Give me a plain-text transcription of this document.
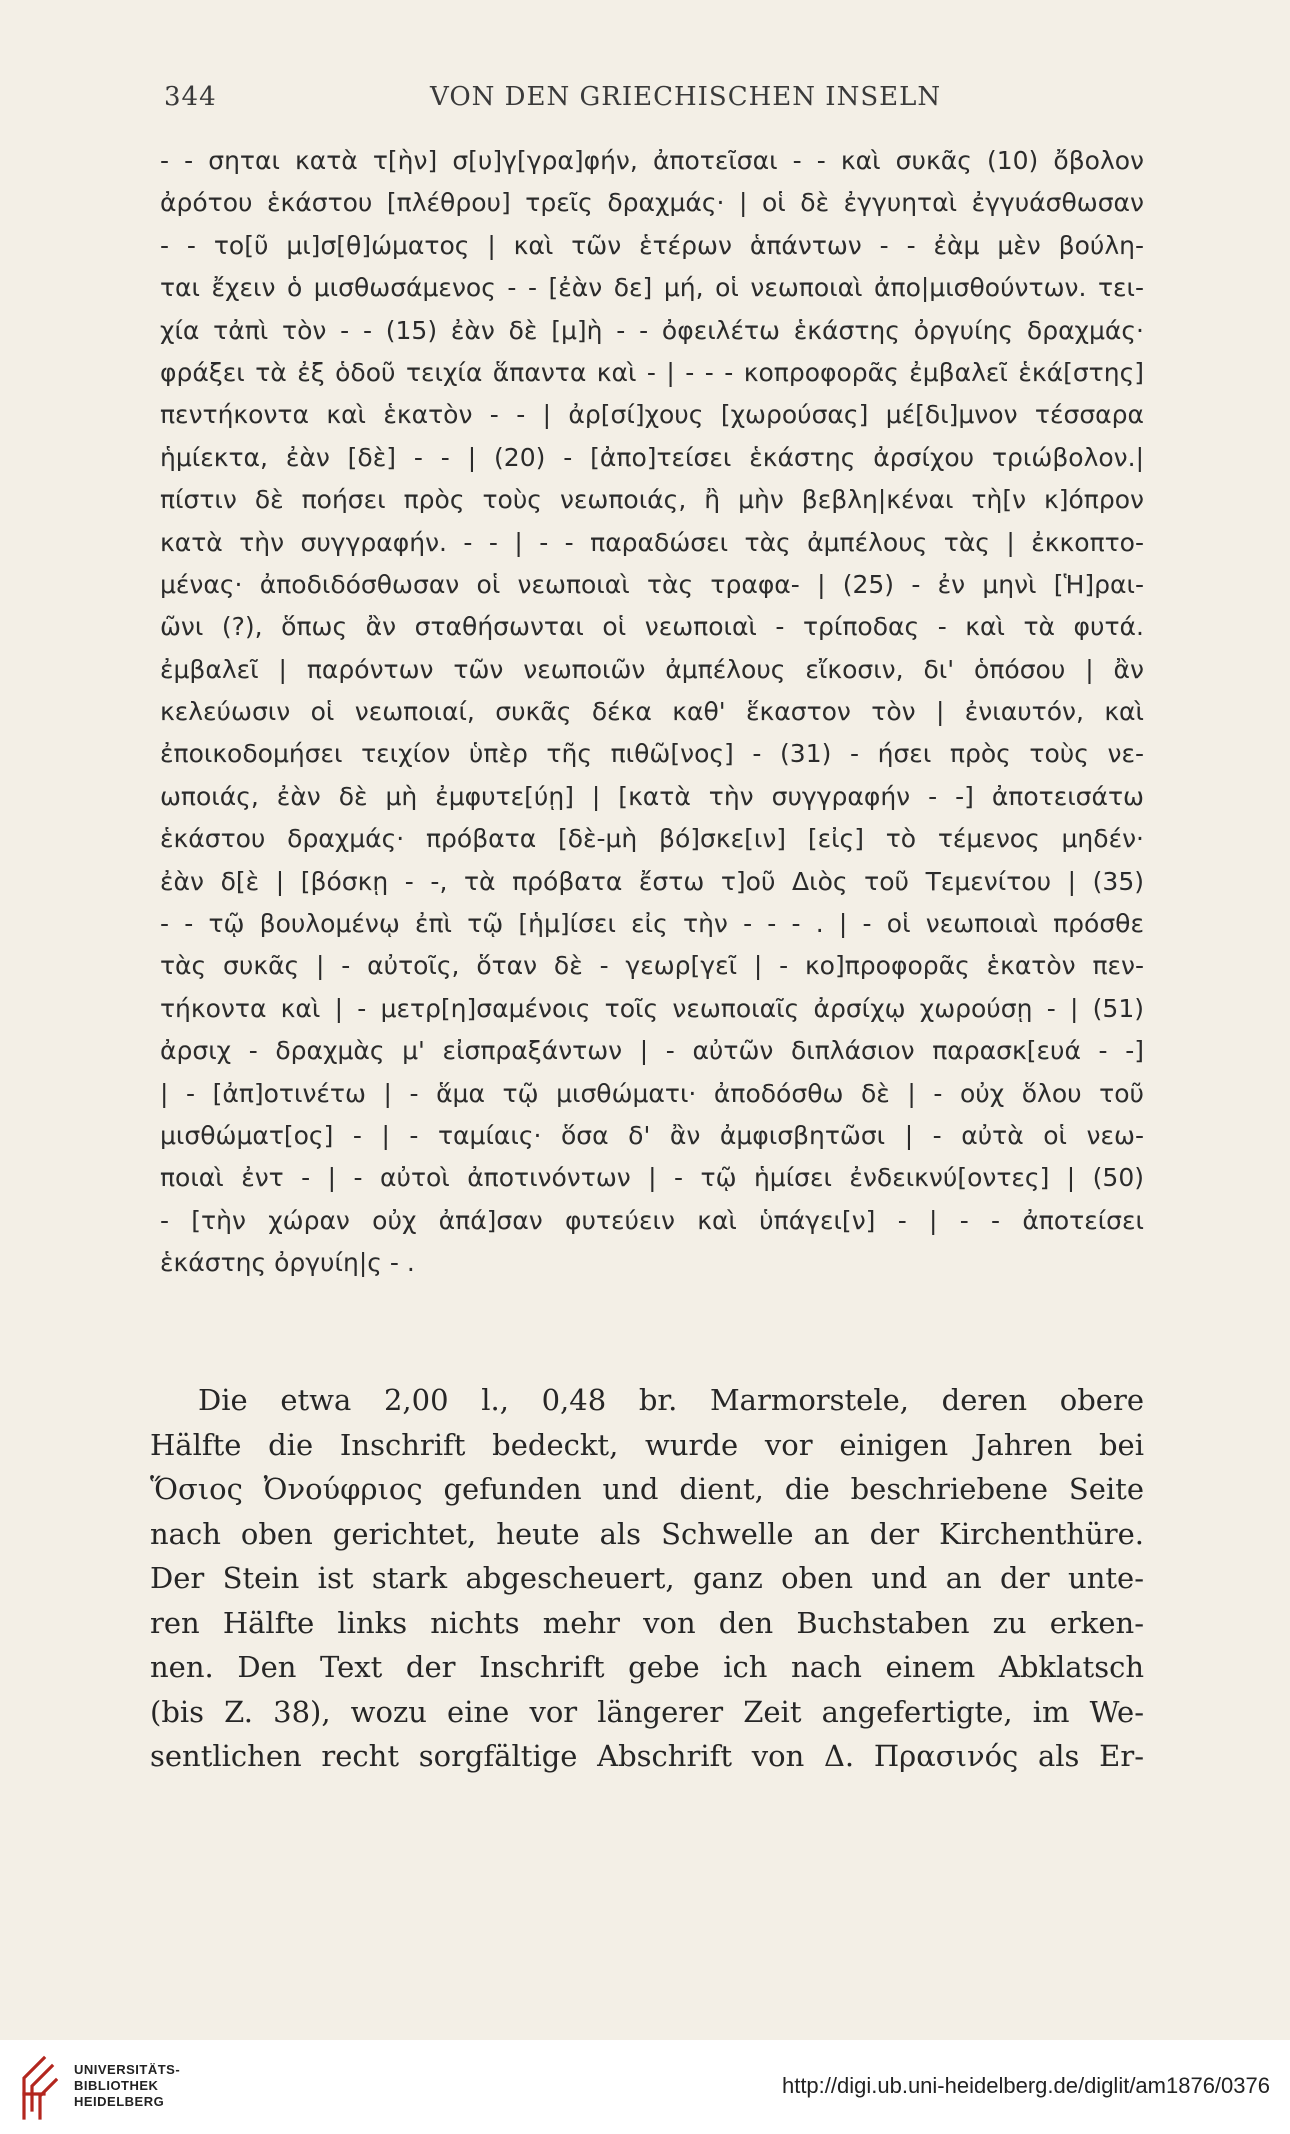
344	VON DEN GRIECHISCHEN INSELN
- - σηται κατὰ τ[ὴν] σ[υ]γ[γρα]φήν, ἀποτεῖσαι - - καὶ συκᾶς (10) ὄβολον
ἀρότου ἑκάστου [πλέθρου] τρεῖς δραχμάς· | οἱ δὲ ἐγγυηταὶ ἐγγυάσθωσαν
- - το[ῦ μι]σ[θ]ώματος | καὶ τῶν ἑτέρων ἁπάντων - - ἐὰμ μὲν βούλη-
ται ἔχειν ὁ μισθωσάμενος - - [ἐὰν δε] μή, οἱ νεωποιαὶ ἀπο|μισθούντων. τει-
χία τἀπὶ τὸν - - (15) ἐὰν δὲ [μ]ὴ - - ὀφειλέτω ἑκάστης ὀργυίης δραχμάς·
φράξει τὰ ἐξ ὁδοῦ τειχία ἅπαντα καὶ - | - - - κοπροφορᾶς ἐμβαλεῖ ἑκά[στης]
πεντήκοντα καὶ ἑκατὸν - - | ἀρ[σί]χους [χωρούσας] μέ[δι]μνον τέσσαρα
ἡμίεκτα, ἐὰν [δὲ] - - | (20) - [ἀπο]τείσει ἑκάστης ἀρσίχου τριώβολον.|
πίστιν δὲ ποήσει πρὸς τοὺς νεωποιάς, ἢ μὴν βεβλη|κέναι τὴ[ν κ]όπρον
κατὰ τὴν συγγραφήν. - - | - - παραδώσει τὰς ἀμπέλους τὰς | ἐκκοπτο-
μένας· ἀποδιδόσθωσαν οἱ νεωποιαὶ τὰς τραφα- | (25) - ἐν μηνὶ [Ἡ]ραι-
ῶνι (?), ὅπως ἂν σταθήσωνται οἱ νεωποιαὶ - τρίποδας - καὶ τὰ φυτά.
ἐμβαλεῖ | παρόντων τῶν νεωποιῶν ἀμπέλους εἴκοσιν, δι' ὁπόσου | ἂν
κελεύωσιν οἱ νεωποιαί, συκᾶς δέκα καθ' ἕκαστον τὸν | ἐνιαυτόν, καὶ
ἐποικοδομήσει τειχίον ὑπὲρ τῆς πιθῶ[νος] - (31) - ήσει πρὸς τοὺς νε-
ωποιάς, ἐὰν δὲ μὴ ἐμφυτε[ύῃ] | [κατὰ τὴν συγγραφήν - -] ἀποτεισάτω
ἑκάστου δραχμάς· πρόβατα [δὲ-μὴ βό]σκε[ιν] [εἰς] τὸ τέμενος μηδέν·
ἐὰν δ[ὲ | [βόσκῃ - -, τὰ πρόβατα ἔστω τ]οῦ Διὸς τοῦ Τεμενίτου | (35)
- - τῷ βουλομένῳ ἐπὶ τῷ [ἡμ]ίσει εἰς τὴν - - - . | - οἱ νεωποιαὶ πρόσθε
τὰς συκᾶς | - αὐτοῖς, ὅταν δὲ - γεωρ[γεῖ | - κο]προφορᾶς ἑκατὸν πεν-
τήκοντα καὶ | - μετρ[η]σαμένοις τοῖς νεωποιαῖς ἀρσίχῳ χωρούσῃ - | (51)
ἀρσιχ - δραχμὰς μ' εἰσπραξάντων | - αὐτῶν διπλάσιον παρασκ[ευά - -]
| - [ἀπ]οτινέτω | - ἅμα τῷ μισθώματι· ἀποδόσθω δὲ | - οὐχ ὅλου τοῦ
μισθώματ[ος] - | - ταμίαις· ὅσα δ' ἂν ἀμφισβητῶσι | - αὐτὰ οἱ νεω-
ποιαὶ ἐντ - | - αὐτοὶ ἀποτινόντων | - τῷ ἡμίσει ἐνδεικνύ[οντες] | (50)
- [τὴν χώραν οὐχ ἀπά]σαν φυτεύειν καὶ ὑπάγει[ν] - | - - ἀποτείσει
ἑκάστης ὀργυίη|ς - .
Die etwa 2,00 l., 0,48 br. Marmorstele, deren obere
Hälfte die Inschrift bedeckt, wurde vor einigen Jahren bei
Ὅσιος Ὀνούφριος gefunden und dient, die beschriebene Seite
nach oben gerichtet, heute als Schwelle an der Kirchenthüre.
Der Stein ist stark abgescheuert, ganz oben und an der unte-
ren Hälfte links nichts mehr von den Buchstaben zu erken-
nen. Den Text der Inschrift gebe ich nach einem Abklatsch
(bis Z. 38), wozu eine vor längerer Zeit angefertigte, im We-
sentlichen recht sorgfältige Abschrift von Δ. Πρασινός als Er-
UNIVERSITÄTS-
BIBLIOTHEK
HEIDELBERG
http://digi.ub.uni-heidelberg.de/diglit/am1876/0376
